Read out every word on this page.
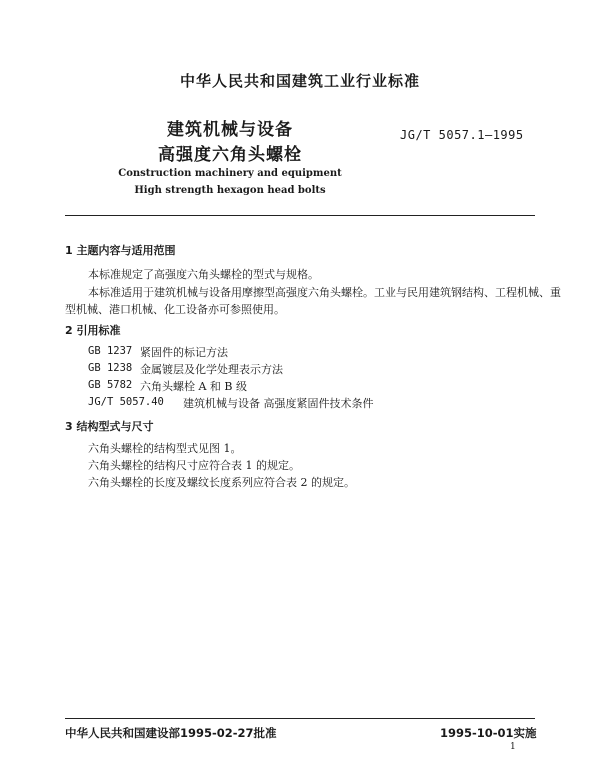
中华人民共和国建筑工业行业标准
建筑机械与设备
高强度六角头螺栓
JG/T 5057.1—1995
Construction machinery and equipment
High strength hexagon head bolts
1 主题内容与适用范围
本标准规定了高强度六角头螺栓的型式与规格。
本标准适用于建筑机械与设备用摩擦型高强度六角头螺栓。工业与民用建筑钢结构、工程机械、重
型机械、港口机械、化工设备亦可参照使用。
2 引用标准
GB 1237 紧固件的标记方法
GB 1238 金属镀层及化学处理表示方法
GB 5782 六角头螺栓 A 和 B 级
JG/T 5057.40 建筑机械与设备 高强度紧固件技术条件
3 结构型式与尺寸
六角头螺栓的结构型式见图 1。
六角头螺栓的结构尺寸应符合表 1 的规定。
六角头螺栓的长度及螺纹长度系列应符合表 2 的规定。
中华人民共和国建设部1995-02-27批准	1995-10-01实施
1
